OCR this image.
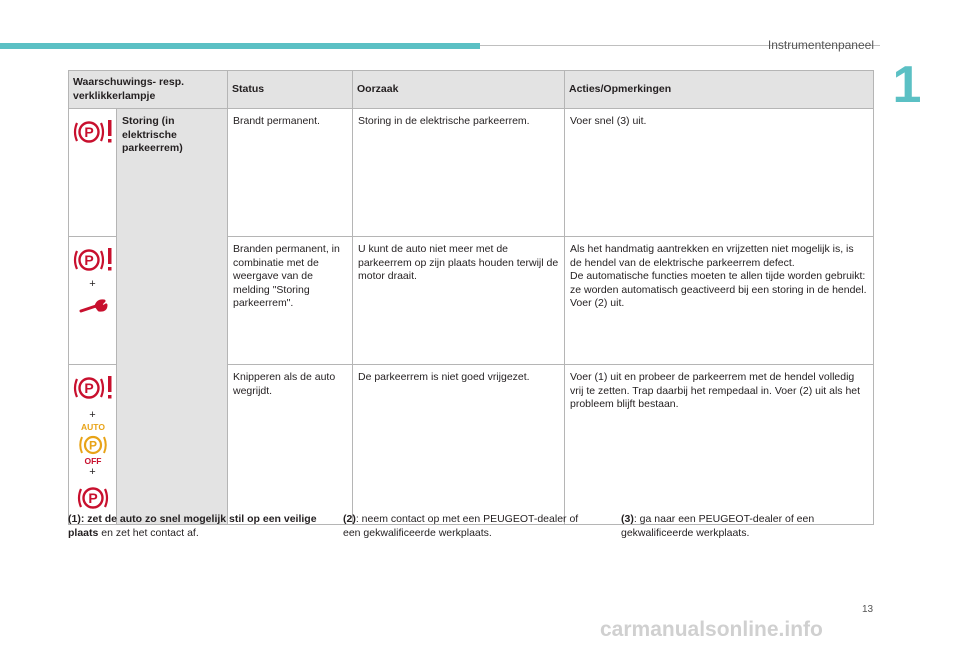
Instrumentenpaneel
1
Waarschuwings- resp. verklikkerlampje		Status	Oorzaak	Acties/Opmerkingen

	Storing (in elektrische parkeerrem)	Brandt permanent.	Storing in de elektrische parkeerrem.	Voer snel (3) uit.

+		Branden permanent, in combinatie met de weergave van de melding "Storing parkeerrem".	U kunt de auto niet meer met de parkeerrem op zijn plaats houden terwijl de motor draait.	Als het handmatig aantrekken en vrijzetten niet mogelijk is, is de hendel van de elektrische parkeerrem defect.
De automatische functies moeten te allen tijde worden gebruikt: ze worden automatisch geactiveerd bij een storing in de hendel.
Voer (2) uit.

+
AUTO
OFF
+		Knipperen als de auto wegrijdt.	De parkeerrem is niet goed vrijgezet.	Voer (1) uit en probeer de parkeerrem met de hendel volledig vrij te zetten. Trap daarbij het rempedaal in. Voer (2) uit als het probleem blijft bestaan.
(1): zet de auto zo snel mogelijk stil op een veilige plaats en zet het contact af.
(2): neem contact op met een PEUGEOT-dealer of een gekwalificeerde werkplaats.
(3): ga naar een PEUGEOT-dealer of een gekwalificeerde werkplaats.
13
carmanualsonline.info
